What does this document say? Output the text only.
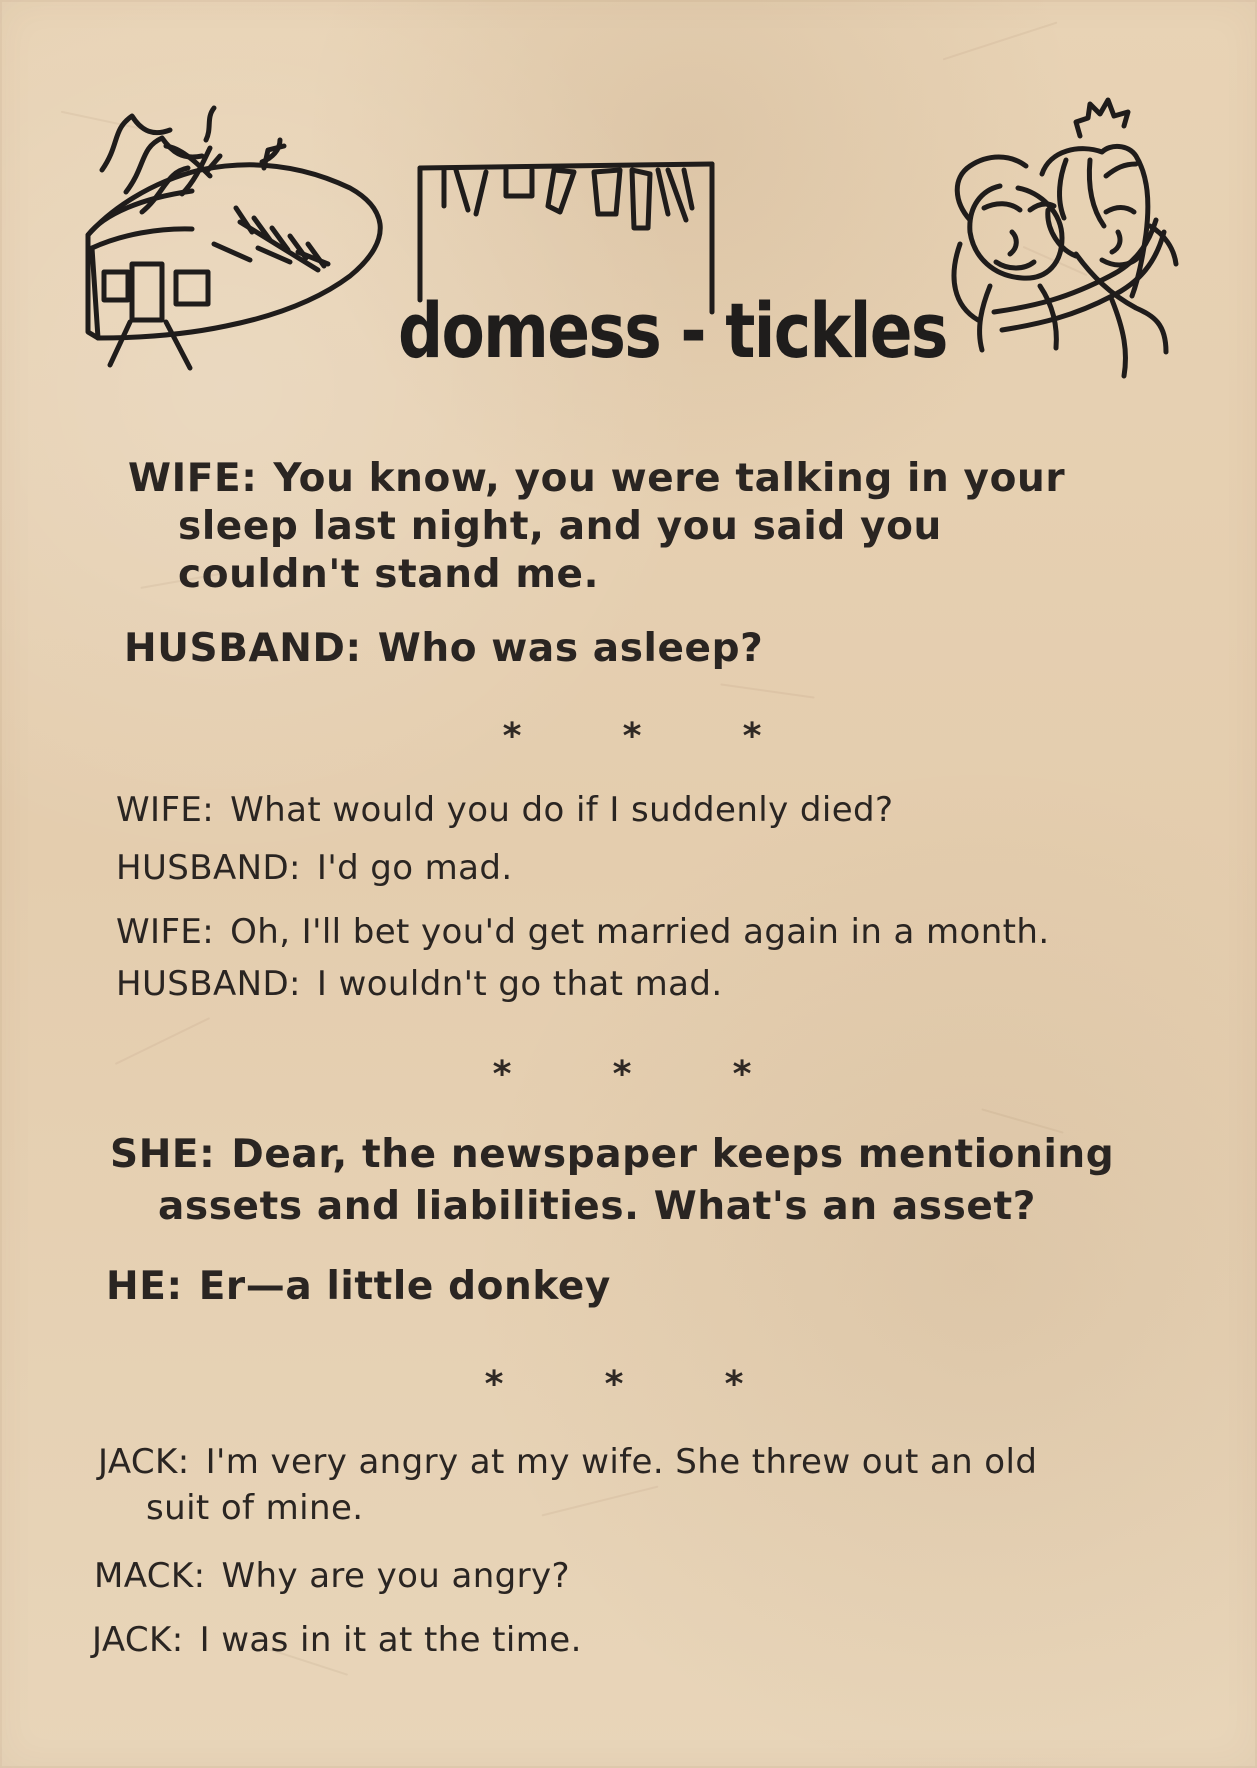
domess - tickles
WIFE: You know, you were talking in your
sleep last night, and you said you
couldn't stand me.
HUSBAND: Who was asleep?
*	*	*
WIFE: What would you do if I suddenly died?
HUSBAND: I'd go mad.
WIFE: Oh, I'll bet you'd get married again in a month.
HUSBAND: I wouldn't go that mad.
*	*	*
SHE: Dear, the newspaper keeps mentioning
assets and liabilities. What's an asset?
HE: Er—a little donkey
*	*	*
JACK: I'm very angry at my wife. She threw out an old
suit of mine.
MACK: Why are you angry?
JACK: I was in it at the time.
